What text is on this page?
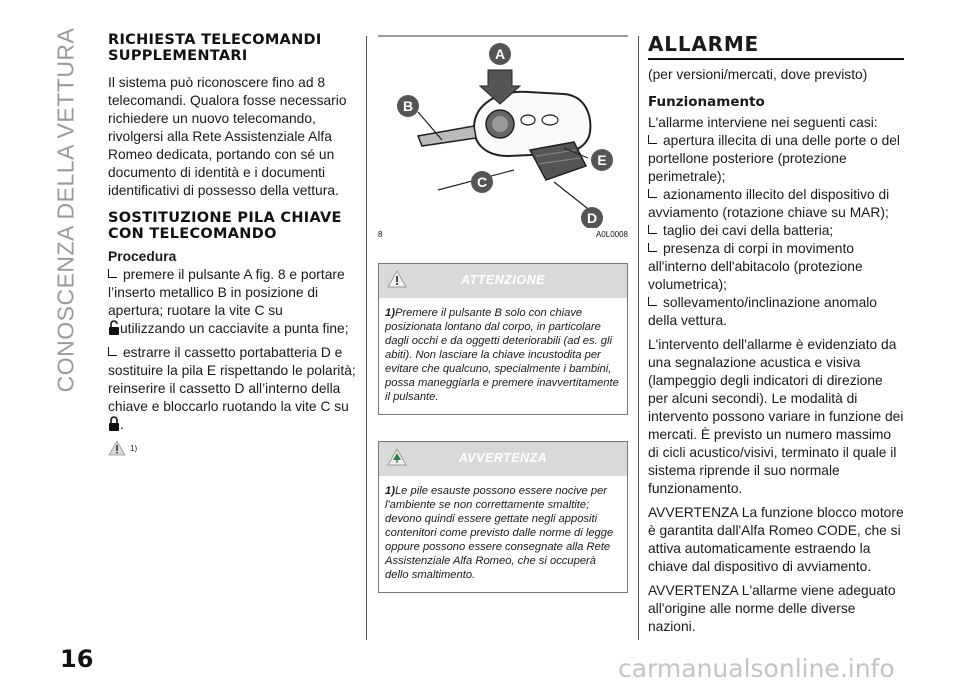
CONOSCENZA DELLA VETTURA RICHIESTA TELECOMANDI SUPPLEMENTARI

Il sistema può riconoscere fino ad 8 telecomandi. Qualora fosse necessario richiedere un nuovo telecomando, rivolgersi alla Rete Assistenziale Alfa Romeo dedicata, portando con sé un documento di identità e i documenti identificativi di possesso della vettura.

SOSTITUZIONE PILA CHIAVE CON TELECOMANDO

Procedura

premere il pulsante A fig. 8 e portare l’inserto metallico B in posizione di apertura; ruotare la vite C su
utilizzando un cacciavite a punta fine;
estrarre il cassetto portabatteria D e sostituire la pila E rispettando le polarità; reinserire il cassetto D all’interno della chiave e bloccarlo ruotando la vite C su .
1)
A
B
C
D
E
8	A0L0008
ATTENZIONE
1)Premere il pulsante B solo con chiave posizionata lontano dal corpo, in particolare dagli occhi e da oggetti deteriorabili (ad es. gli abiti). Non lasciare la chiave incustodita per evitare che qualcuno, specialmente i bambini, possa maneggiarla e premere inavvertitamente il pulsante.
AVVERTENZA
1)Le pile esauste possono essere nocive per l'ambiente se non correttamente smaltite; devono quindi essere gettate negli appositi contenitori come previsto dalle norme di legge oppure possono essere consegnate alla Rete Assistenziale Alfa Romeo, che si occuperà dello smaltimento.
ALLARME

(per versioni/mercati, dove previsto)

Funzionamento

L'allarme interviene nei seguenti casi:

apertura illecita di una delle porte o del portellone posteriore (protezione perimetrale);
azionamento illecito del dispositivo di avviamento (rotazione chiave su MAR);
taglio dei cavi della batteria;
presenza di corpi in movimento all'interno dell'abitacolo (protezione volumetrica);
sollevamento/inclinazione anomalo della vettura.

L'intervento dell'allarme è evidenziato da una segnalazione acustica e visiva (lampeggio degli indicatori di direzione per alcuni secondi). Le modalità di intervento possono variare in funzione dei mercati. È previsto un numero massimo di cicli acustico/visivi, terminato il quale il sistema riprende il suo normale funzionamento.

AVVERTENZA La funzione blocco motore è garantita dall'Alfa Romeo CODE, che si attiva automaticamente estraendo la chiave dal dispositivo di avviamento.

AVVERTENZA L'allarme viene adeguato all'origine alle norme delle diverse nazioni.

16	carmanualsonline.info
